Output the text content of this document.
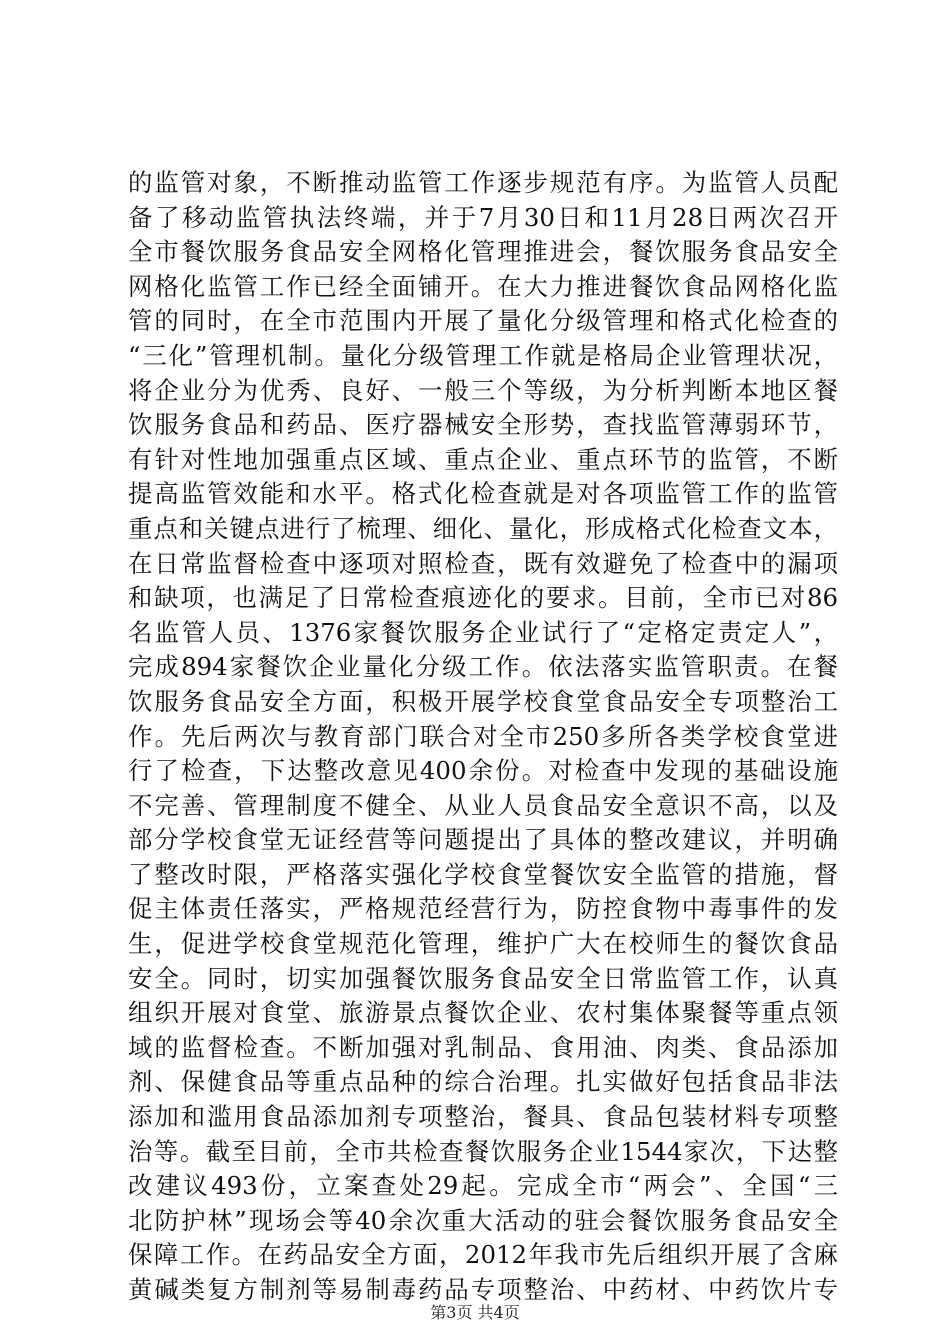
的监管对象，不断推动监管工作逐步规范有序。为监管人员配
备了移动监管执法终端，并于7月30日和11月28日两次召开
全市餐饮服务食品安全网格化管理推进会，餐饮服务食品安全
网格化监管工作已经全面铺开。在大力推进餐饮食品网格化监
管的同时，在全市范围内开展了量化分级管理和格式化检查的
“三化”管理机制。量化分级管理工作就是格局企业管理状况，
将企业分为优秀、良好、一般三个等级，为分析判断本地区餐
饮服务食品和药品、医疗器械安全形势，查找监管薄弱环节，
有针对性地加强重点区域、重点企业、重点环节的监管，不断
提高监管效能和水平。格式化检查就是对各项监管工作的监管
重点和关键点进行了梳理、细化、量化，形成格式化检查文本，
在日常监督检查中逐项对照检查，既有效避免了检查中的漏项
和缺项，也满足了日常检查痕迹化的要求。目前，全市已对86
名监管人员、1376家餐饮服务企业试行了“定格定责定人”，
完成894家餐饮企业量化分级工作。依法落实监管职责。在餐
饮服务食品安全方面，积极开展学校食堂食品安全专项整治工
作。先后两次与教育部门联合对全市250多所各类学校食堂进
行了检查，下达整改意见400余份。对检查中发现的基础设施
不完善、管理制度不健全、从业人员食品安全意识不高，以及
部分学校食堂无证经营等问题提出了具体的整改建议，并明确
了整改时限，严格落实强化学校食堂餐饮安全监管的措施，督
促主体责任落实，严格规范经营行为，防控食物中毒事件的发
生，促进学校食堂规范化管理，维护广大在校师生的餐饮食品
安全。同时，切实加强餐饮服务食品安全日常监管工作，认真
组织开展对食堂、旅游景点餐饮企业、农村集体聚餐等重点领
域的监督检查。不断加强对乳制品、食用油、肉类、食品添加
剂、保健食品等重点品种的综合治理。扎实做好包括食品非法
添加和滥用食品添加剂专项整治，餐具、食品包装材料专项整
治等。截至目前，全市共检查餐饮服务企业1544家次，下达整
改建议493份，立案查处29起。完成全市“两会”、全国“三
北防护林”现场会等40余次重大活动的驻会餐饮服务食品安全
保障工作。在药品安全方面，2012年我市先后组织开展了含麻
黄碱类复方制剂等易制毒药品专项整治、中药材、中药饮片专
第3页 共4页
